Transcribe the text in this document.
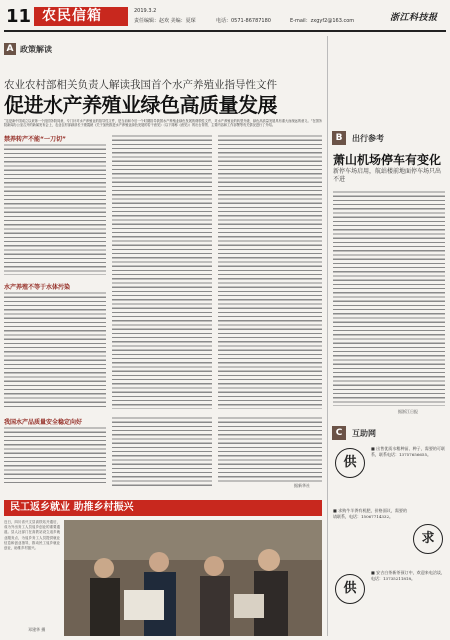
11 农民信箱	2019.3.2
责任编辑：赵欢 美编：夏琛	电话：0571-86787180	E-mail：zxgyf2@163.com	浙江科技报
A 政策解读
农业农村部相关负责人解读我国首个水产养殖业指导性文件
促进水产养殖业绿色高质量发展
“这是新中国成立以来第一个经国务院同意，专门针对水产养殖业的指导性文件，是当前和今后一个时期指导我国水产养殖业绿色发展的纲领性文件，对水产养殖业的转型升级、绿色高质量发展具有重大而深远的意义。”在国务院新闻办公室召开的新闻发布会上，农业农村部副部长于康震就《关于加快推进水产养殖业绿色发展的若干意见》（以下简称《意见》）的出台背景、主要内容和工作部署等有关情况进行了介绍。
禁养转产不能“一刀切”
水产养殖不等于水体污染
我国水产品质量安全稳定向好
据新华社
民工返乡就业 助推乡村振兴
近日，四川省兴文县高铁站开通后，成为外出务工人员返乡创业的重要通道。县人社部门在高铁站设立返乡就业服务点，为返乡务工人员提供就业信息和创业指导，推动民工返乡就业创业，助推乡村振兴。
邓建华 摄
B	出行参考
萧山机场停车有变化
新停车场启用，航站楼前地面停车场只出不进
据浙江日报
C	互助网
供
■ 出售优质水稻种苗、种子，需要的可联系，联系电话：13757656655。
■ 求购牛羊粪有机肥，价格面议，需要的请联系，电话：15067714332。
求
供
■ 安吉白茶新茶预订中，欢迎来电洽谈，电话：13735211818。
